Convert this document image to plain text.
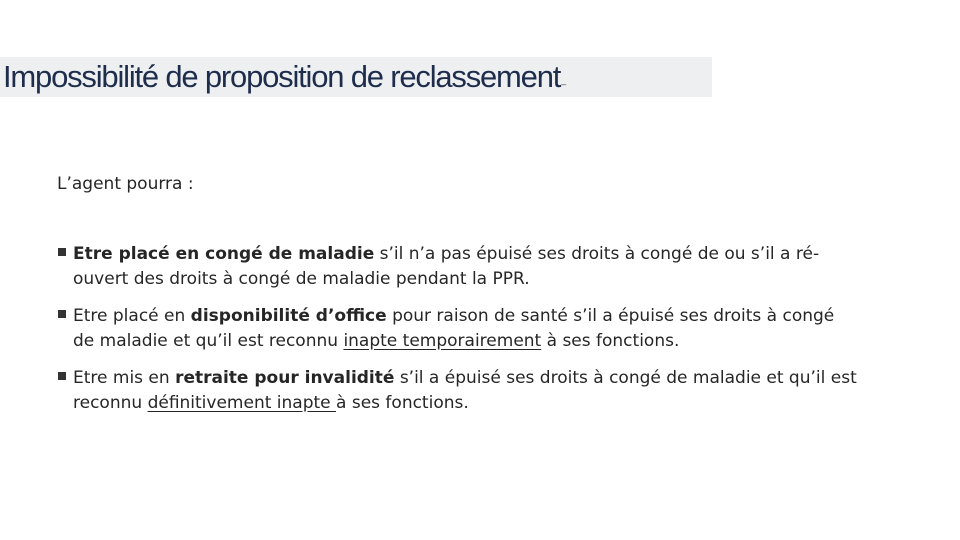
Impossibilité de proposition de reclassement–

L’agent pourra :

Etre placé en congé de maladie s’il n’a pas épuisé ses droits à congé de ou s’il a ré-ouvert des droits à congé de maladie pendant la PPR.
Etre placé en disponibilité d’office pour raison de santé s’il a épuisé ses droits à congé de maladie et qu’il est reconnu inapte temporairement à ses fonctions.
Etre mis en retraite pour invalidité s’il a épuisé ses droits à congé de maladie et qu’il est reconnu définitivement inapte à ses fonctions.
